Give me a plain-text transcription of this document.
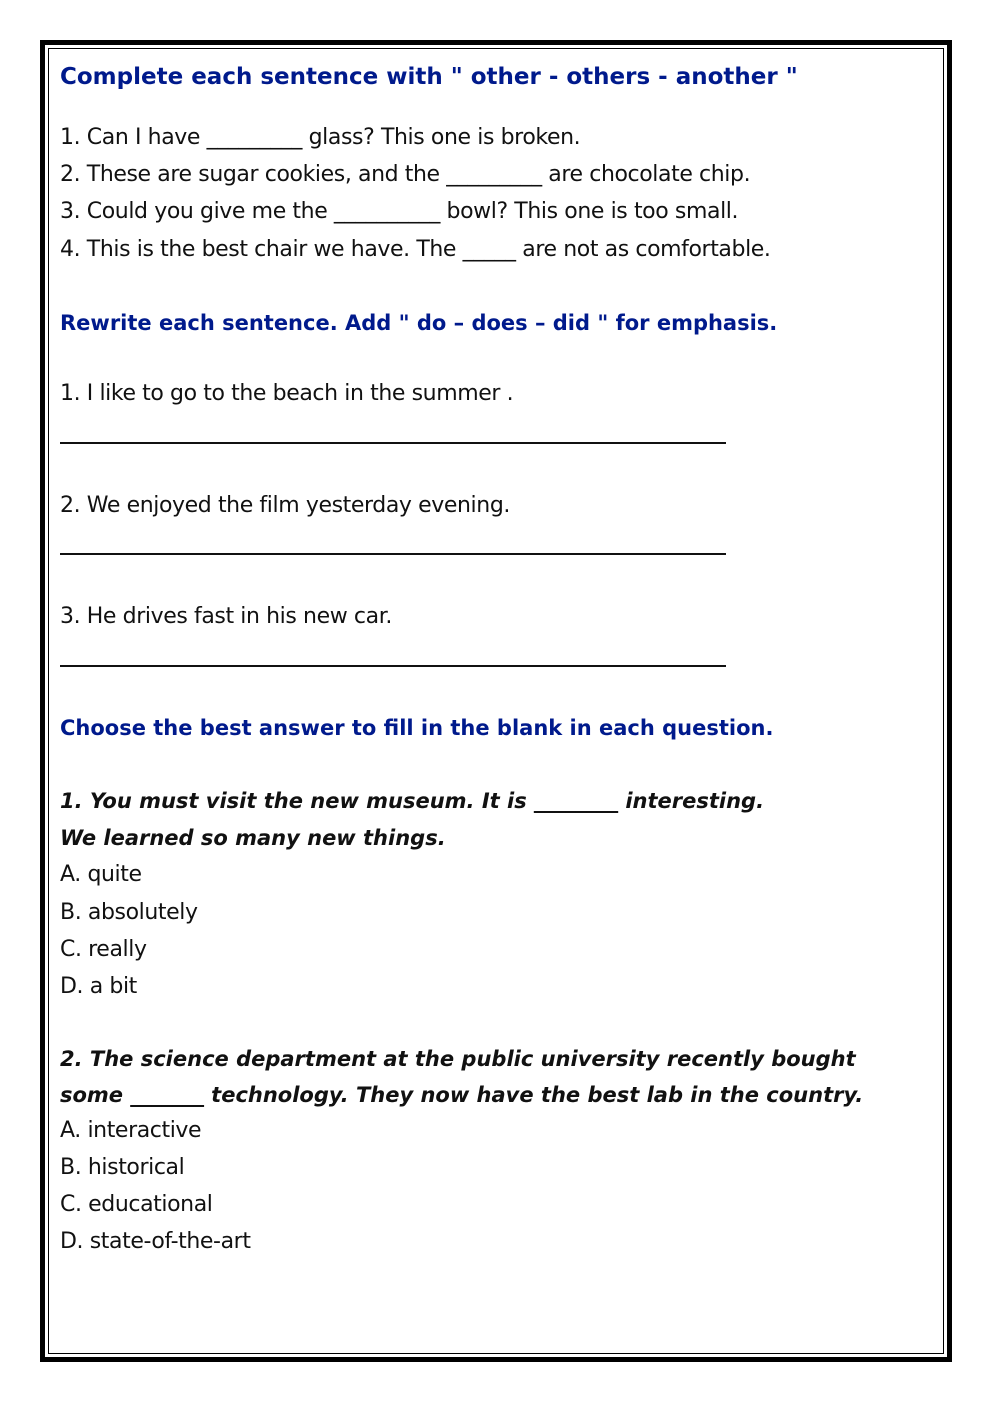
Complete each sentence with " other - others - another "
1. Can I have _________ glass? This one is broken.
2. These are sugar cookies, and the _________ are chocolate chip.
3. Could you give me the __________ bowl? This one is too small.
4. This is the best chair we have. The _____ are not as comfortable.
Rewrite each sentence. Add " do – does – did " for emphasis.
1. I like to go to the beach in the summer .
2. We enjoyed the film yesterday evening.
3. He drives fast in his new car.
Choose the best answer to fill in the blank in each question.
1. You must visit the new museum. It is ________ interesting.
We learned so many new things.
A. quite
B. absolutely
C. really
D. a bit
2. The science department at the public university recently bought
some _______ technology. They now have the best lab in the country.
A. interactive
B. historical
C. educational
D. state-of-the-art
